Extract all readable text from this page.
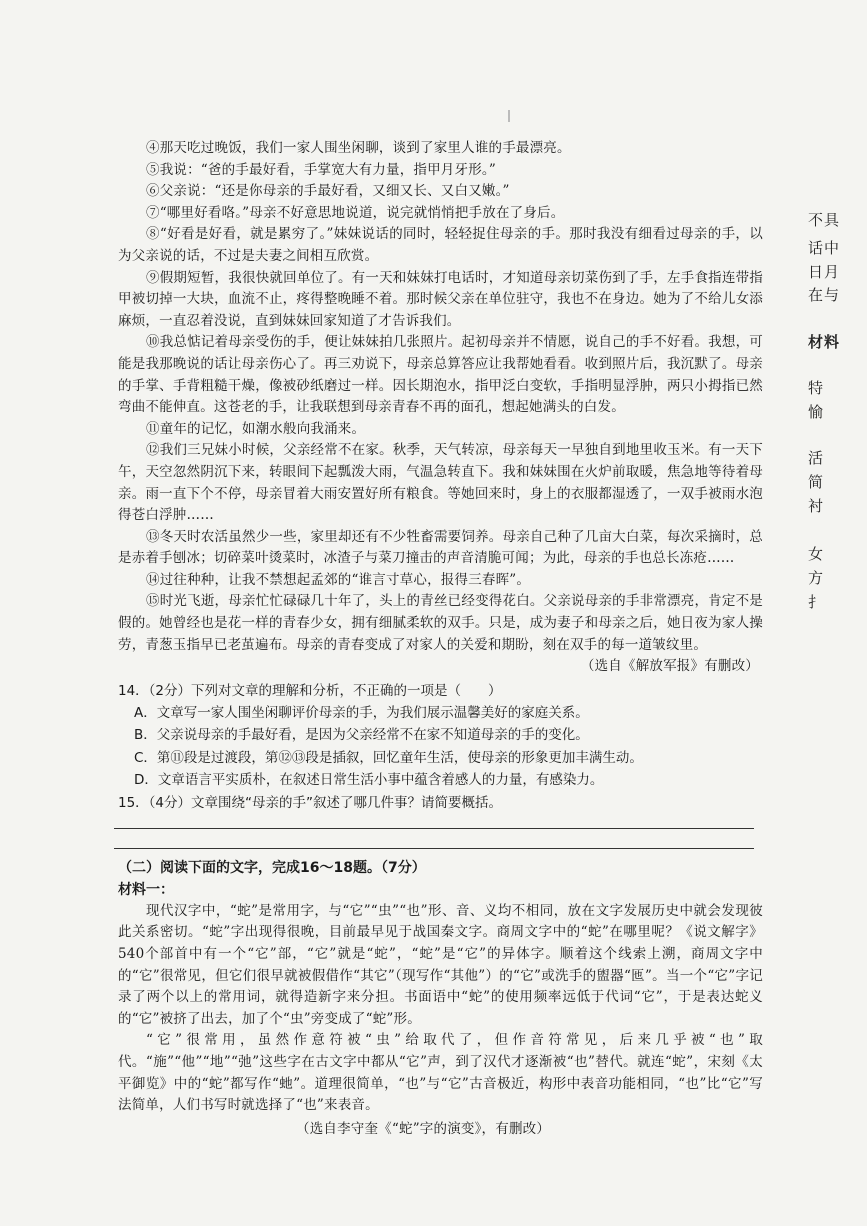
④那天吃过晚饭，我们一家人围坐闲聊，谈到了家里人谁的手最漂亮。

⑤我说：“爸的手最好看，手掌宽大有力量，指甲月牙形。”

⑥父亲说：“还是你母亲的手最好看，又细又长、又白又嫩。”

⑦“哪里好看咯。”母亲不好意思地说道，说完就悄悄把手放在了身后。

⑧“好看是好看，就是累穷了。”妹妹说话的同时，轻轻捉住母亲的手。那时我没有细看过母亲的手，以为父亲说的话，不过是夫妻之间相互欣赏。

⑨假期短暂，我很快就回单位了。有一天和妹妹打电话时，才知道母亲切菜伤到了手，左手食指连带指甲被切掉一大块，血流不止，疼得整晚睡不着。那时候父亲在单位驻守，我也不在身边。她为了不给儿女添麻烦，一直忍着没说，直到妹妹回家知道了才告诉我们。

⑩我总惦记着母亲受伤的手，便让妹妹拍几张照片。起初母亲并不情愿，说自己的手不好看。我想，可能是我那晚说的话让母亲伤心了。再三劝说下，母亲总算答应让我帮她看看。收到照片后，我沉默了。母亲的手掌、手背粗糙干燥，像被砂纸磨过一样。因长期泡水，指甲泛白变软，手指明显浮肿，两只小拇指已然弯曲不能伸直。这苍老的手，让我联想到母亲青春不再的面孔，想起她满头的白发。

⑪童年的记忆，如潮水般向我涌来。

⑫我们三兄妹小时候，父亲经常不在家。秋季，天气转凉，母亲每天一早独自到地里收玉米。有一天下午，天空忽然阴沉下来，转眼间下起瓢泼大雨，气温急转直下。我和妹妹围在火炉前取暖，焦急地等待着母亲。雨一直下个不停，母亲冒着大雨安置好所有粮食。等她回来时，身上的衣服都湿透了，一双手被雨水泡得苍白浮肿……

⑬冬天时农活虽然少一些，家里却还有不少牲畜需要饲养。母亲自己种了几亩大白菜，每次采摘时，总是赤着手刨冰；切碎菜叶烫菜时，冰渣子与菜刀撞击的声音清脆可闻；为此，母亲的手也总长冻疮……

⑭过往种种，让我不禁想起孟郊的“谁言寸草心，报得三春晖”。

⑮时光飞逝，母亲忙忙碌碌几十年了，头上的青丝已经变得花白。父亲说母亲的手非常漂亮，肯定不是假的。她曾经也是花一样的青春少女，拥有细腻柔软的双手。只是，成为妻子和母亲之后，她日夜为家人操劳，青葱玉指早已老茧遍布。母亲的青春变成了对家人的关爱和期盼，刻在双手的每一道皱纹里。

（选自《解放军报》有删改）

14．（2分）下列对文章的理解和分析，不正确的一项是（　　）
A．文章写一家人围坐闲聊评价母亲的手，为我们展示温馨美好的家庭关系。
B．父亲说母亲的手最好看，是因为父亲经常不在家不知道母亲的手的变化。
C．第⑪段是过渡段，第⑫⑬段是插叙，回忆童年生活，使母亲的形象更加丰满生动。
D．文章语言平实质朴，在叙述日常生活小事中蕴含着感人的力量，有感染力。
15．（4分）文章围绕“母亲的手”叙述了哪几件事？请简要概括。
（二）阅读下面的文字，完成16～18题。（7分）
材料一：

现代汉字中，“蛇”是常用字，与“它”“虫”“也”形、音、义均不相同，放在文字发展历史中就会发现彼此关系密切。“蛇”字出现得很晚，目前最早见于战国秦文字。商周文字中的“蛇”在哪里呢？《说文解字》540个部首中有一个“它”部，“它”就是“蛇”，“蛇”是“它”的异体字。顺着这个线索上溯，商周文字中的“它”很常见，但它们很早就被假借作“其它”（现写作“其他”）的“它”或洗手的盥器“匜”。当一个“它”字记录了两个以上的常用词，就得造新字来分担。书面语中“蛇”的使用频率远低于代词“它”，于是表达蛇义的“它”被挤了出去，加了个“虫”旁变成了“蛇”形。

“它”很常用，虽然作意符被“虫”给取代了，但作音符常见，后来几乎被“也”取代。“施”“他”“地”“弛”这些字在古文字中都从“它”声，到了汉代才逐渐被“也”替代。就连“蛇”，宋刻《太平御览》中的“蛇”都写作“虵”。道理很简单，“也”与“它”古音极近，构形中表音功能相同，“也”比“它”写法简单，人们书写时就选择了“也”来表音。

（选自李守奎《“蛇”字的演变》，有删改）

不具
话中
日月
在与
材料
特
愉
活
简
衬
女
方
扌
